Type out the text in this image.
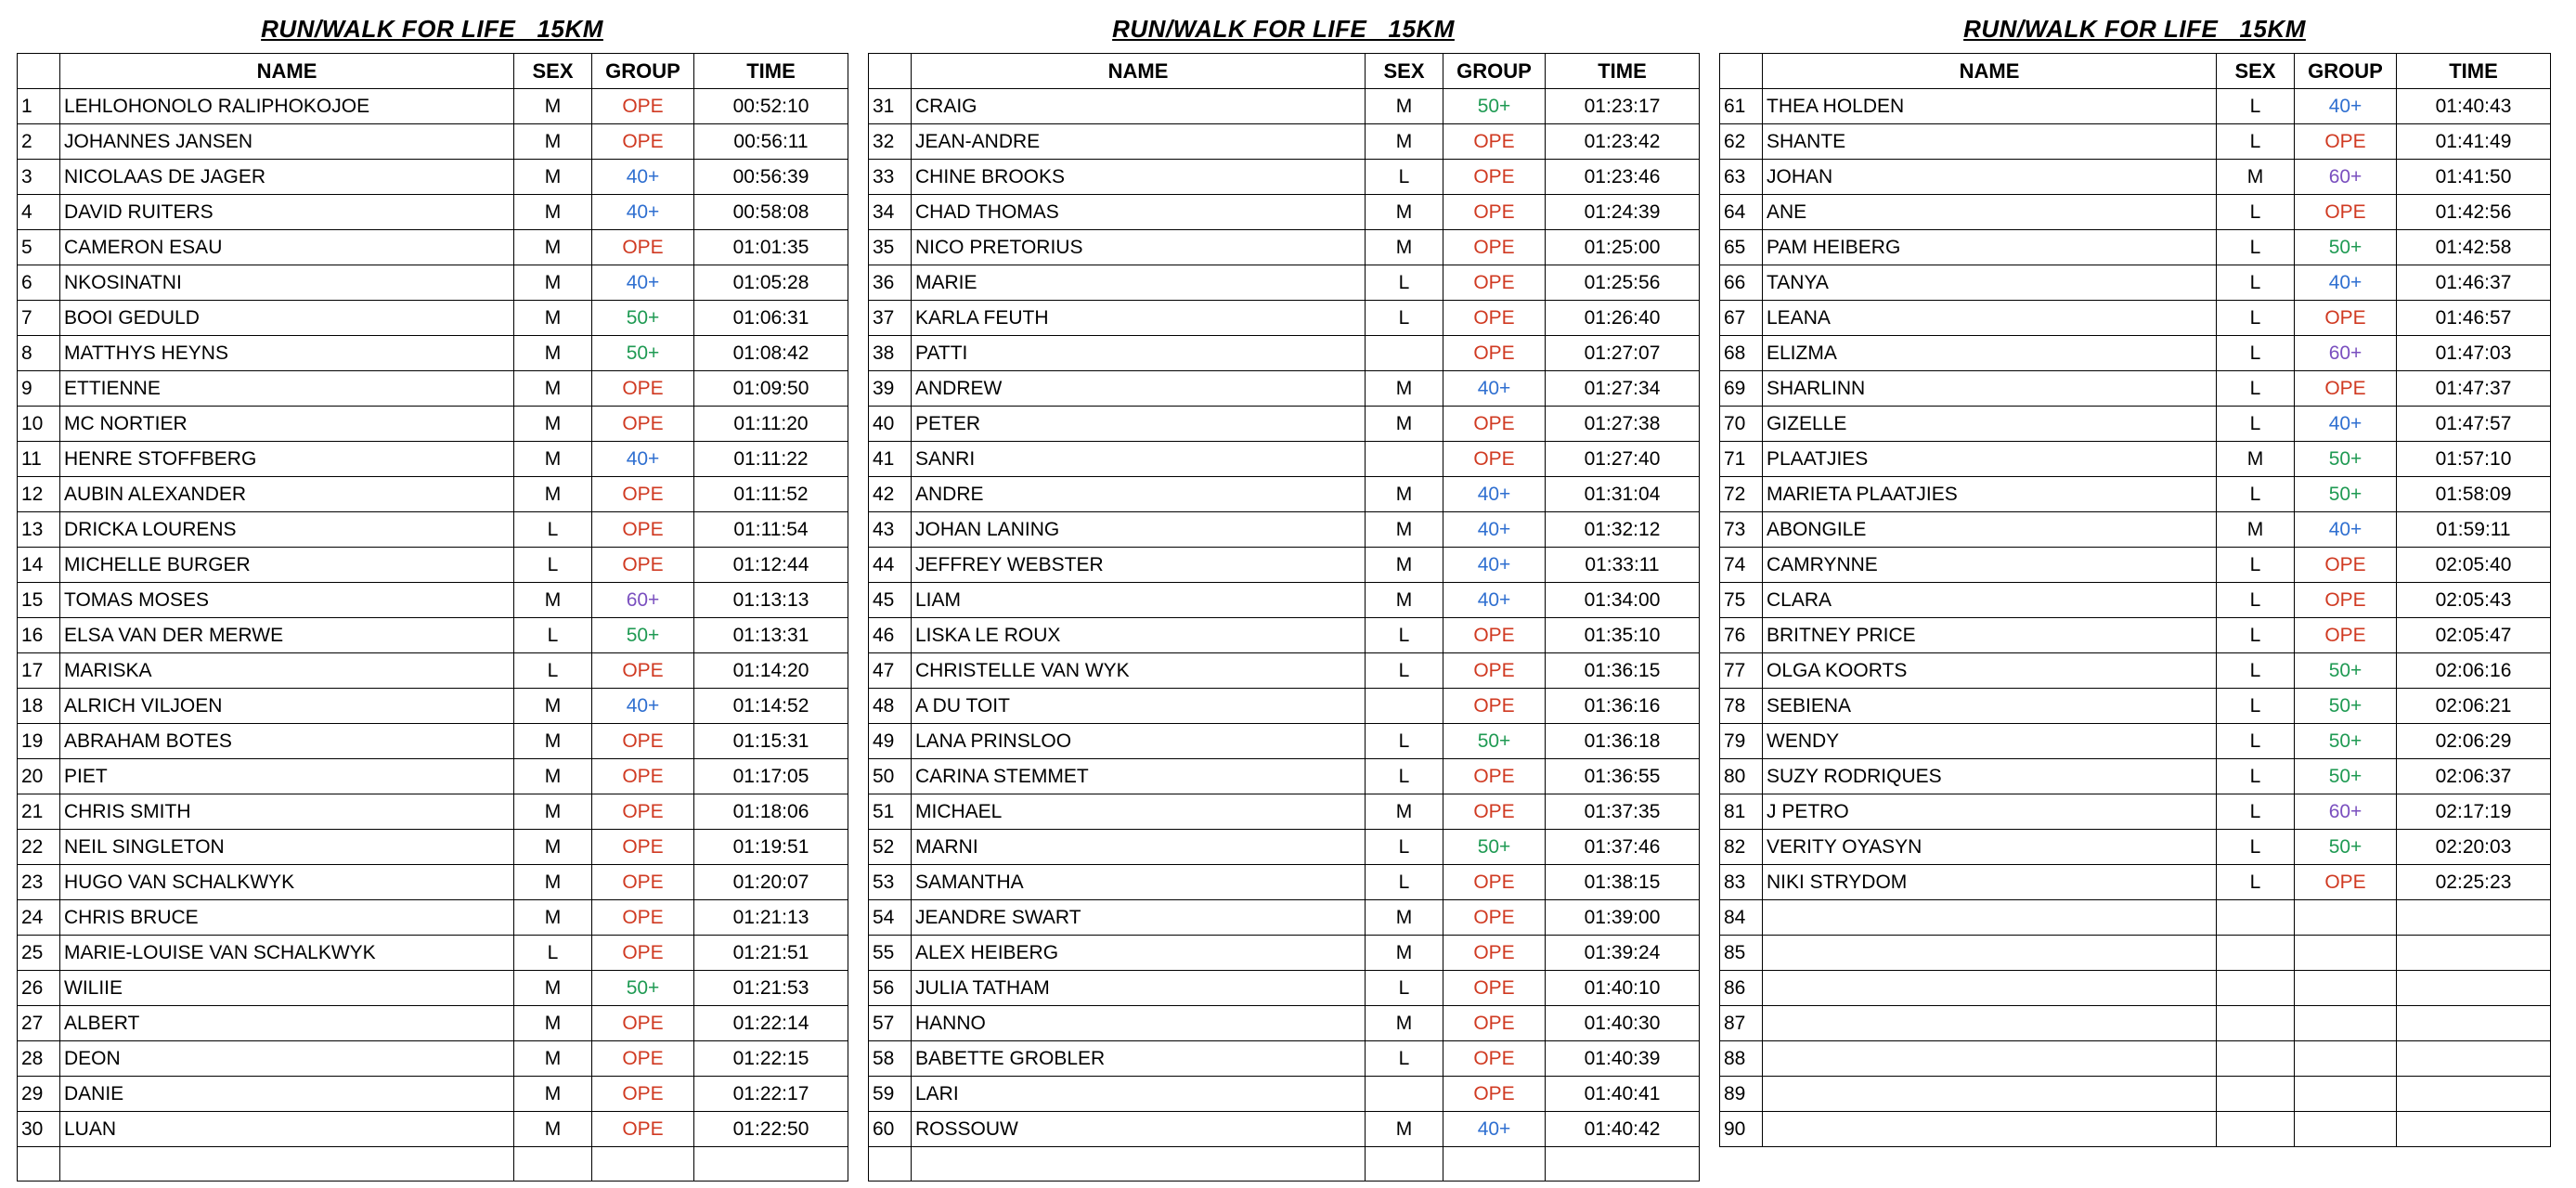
RUN/WALK FOR LIFE   15KM
	NAME	SEX	GROUP	TIME
1	LEHLOHONOLO RALIPHOKOJOE	M	OPE	00:52:10
2	JOHANNES JANSEN	M	OPE	00:56:11
3	NICOLAAS DE JAGER	M	40+	00:56:39
4	DAVID RUITERS	M	40+	00:58:08
5	CAMERON ESAU	M	OPE	01:01:35
6	NKOSINATNI	M	40+	01:05:28
7	BOOI GEDULD	M	50+	01:06:31
8	MATTHYS HEYNS	M	50+	01:08:42
9	ETTIENNE	M	OPE	01:09:50
10	MC NORTIER	M	OPE	01:11:20
11	HENRE STOFFBERG	M	40+	01:11:22
12	AUBIN ALEXANDER	M	OPE	01:11:52
13	DRICKA LOURENS	L	OPE	01:11:54
14	MICHELLE BURGER	L	OPE	01:12:44
15	TOMAS MOSES	M	60+	01:13:13
16	ELSA VAN DER MERWE	L	50+	01:13:31
17	MARISKA	L	OPE	01:14:20
18	ALRICH VILJOEN	M	40+	01:14:52
19	ABRAHAM BOTES	M	OPE	01:15:31
20	PIET	M	OPE	01:17:05
21	CHRIS SMITH	M	OPE	01:18:06
22	NEIL SINGLETON	M	OPE	01:19:51
23	HUGO VAN SCHALKWYK	M	OPE	01:20:07
24	CHRIS BRUCE	M	OPE	01:21:13
25	MARIE-LOUISE VAN SCHALKWYK	L	OPE	01:21:51
26	WILIIE	M	50+	01:21:53
27	ALBERT	M	OPE	01:22:14
28	DEON	M	OPE	01:22:15
29	DANIE	M	OPE	01:22:17
30	LUAN	M	OPE	01:22:50

RUN/WALK FOR LIFE   15KM
	NAME	SEX	GROUP	TIME
31	CRAIG	M	50+	01:23:17
32	JEAN-ANDRE	M	OPE	01:23:42
33	CHINE BROOKS	L	OPE	01:23:46
34	CHAD THOMAS	M	OPE	01:24:39
35	NICO PRETORIUS	M	OPE	01:25:00
36	MARIE	L	OPE	01:25:56
37	KARLA FEUTH	L	OPE	01:26:40
38	PATTI		OPE	01:27:07
39	ANDREW	M	40+	01:27:34
40	PETER	M	OPE	01:27:38
41	SANRI		OPE	01:27:40
42	ANDRE	M	40+	01:31:04
43	JOHAN LANING	M	40+	01:32:12
44	JEFFREY WEBSTER	M	40+	01:33:11
45	LIAM	M	40+	01:34:00
46	LISKA LE ROUX	L	OPE	01:35:10
47	CHRISTELLE VAN WYK	L	OPE	01:36:15
48	A DU TOIT		OPE	01:36:16
49	LANA PRINSLOO	L	50+	01:36:18
50	CARINA STEMMET	L	OPE	01:36:55
51	MICHAEL	M	OPE	01:37:35
52	MARNI	L	50+	01:37:46
53	SAMANTHA	L	OPE	01:38:15
54	JEANDRE SWART	M	OPE	01:39:00
55	ALEX HEIBERG	M	OPE	01:39:24
56	JULIA TATHAM	L	OPE	01:40:10
57	HANNO	M	OPE	01:40:30
58	BABETTE GROBLER	L	OPE	01:40:39
59	LARI		OPE	01:40:41
60	ROSSOUW	M	40+	01:40:42

RUN/WALK FOR LIFE   15KM
	NAME	SEX	GROUP	TIME
61	THEA HOLDEN	L	40+	01:40:43
62	SHANTE	L	OPE	01:41:49
63	JOHAN	M	60+	01:41:50
64	ANE	L	OPE	01:42:56
65	PAM HEIBERG	L	50+	01:42:58
66	TANYA	L	40+	01:46:37
67	LEANA	L	OPE	01:46:57
68	ELIZMA	L	60+	01:47:03
69	SHARLINN	L	OPE	01:47:37
70	GIZELLE	L	40+	01:47:57
71	PLAATJIES	M	50+	01:57:10
72	MARIETA PLAATJIES	L	50+	01:58:09
73	ABONGILE	M	40+	01:59:11
74	CAMRYNNE	L	OPE	02:05:40
75	CLARA	L	OPE	02:05:43
76	BRITNEY PRICE	L	OPE	02:05:47
77	OLGA KOORTS	L	50+	02:06:16
78	SEBIENA	L	50+	02:06:21
79	WENDY	L	50+	02:06:29
80	SUZY RODRIQUES	L	50+	02:06:37
81	J PETRO	L	60+	02:17:19
82	VERITY OYASYN	L	50+	02:20:03
83	NIKI STRYDOM	L	OPE	02:25:23
84				
85				
86				
87				
88				
89				
90				
